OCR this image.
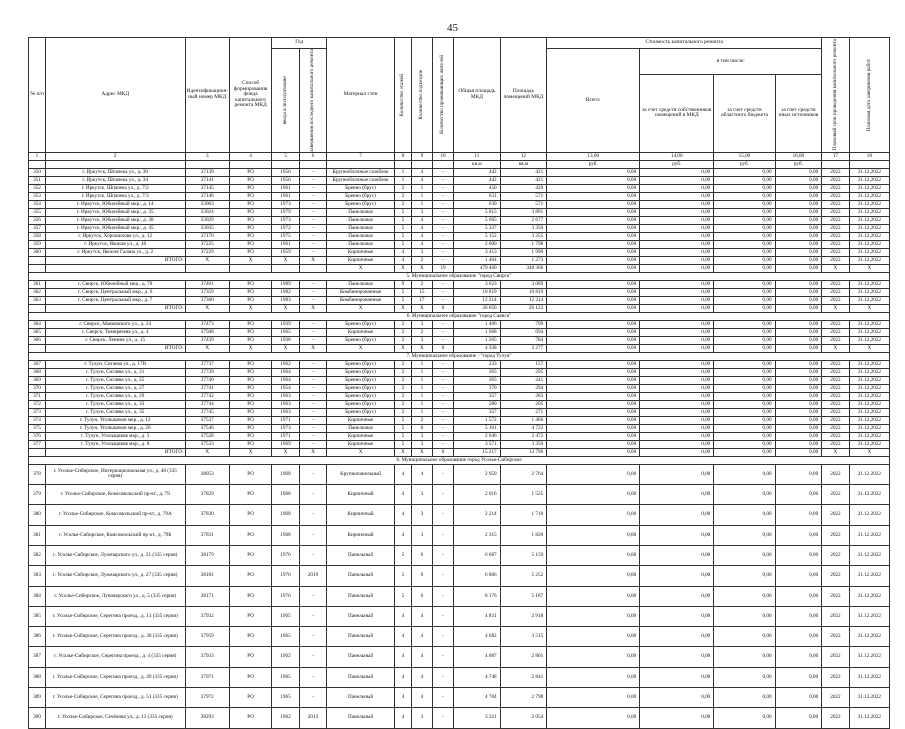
45
№ п/п	Адрес МКД	Идентификационный номер МКД	Способ формирования фонда капитального ремонта МКД	Год		Материал стен	Количество этажей	Количество подъездов	Количество проживающих жителей	Общая площадь МКД	Площадь помещений МКД	Стоимость капитального ремонта				Плановый срок проведения капитального ремонта	Плановая дата завершения работ

				ввода в эксплуатацию	завершения последнего капитального ремонта							Всего:	в том числе:				
													за счет средств собственников помещений в МКД	за счет средств областного бюджета	за счет средств иных источников		
1	2	3	4	5	6	7	8	9	10	11	12	13,00	14,00	15,00	16,00	17	18
										кв.м	кв.м	руб.	руб.	руб.	руб.		
350	г. Иркутск, Шпачека ул., д. 30	37139	РО	1950	-	Крупноблочные газоблок	1	4	-	442	421	0,00	0,00	0,00	0,00	2022	31.12.2022
351	г. Иркутск, Шпачека ул., д. 34	37141	РО	1950	-	Крупноблочные газоблок	1	4	-	442	421	0,00	0,00	0,00	0,00	2022	31.12.2022
352	г. Иркутск, Шпачека ул., д. 7/2	37145	РО	1961	-	Бревно (брус)	2	1	-	450	429	0,00	0,00	0,00	0,00	2022	31.12.2022
353	г. Иркутск, Шпачека ул., д. 7/3	37146	РО	1961	-	Бревно (брус)	2	1	-	631	571	0,00	0,00	0,00	0,00	2022	31.12.2022
354	г. Иркутск, Юбилейный мкр., д. 14	33003	РО	1973	-	Бревно (брус)	2	1	-	630	571	0,00	0,00	0,00	0,00	2022	31.12.2022
355	г. Иркутск, Юбилейный мкр., д. 35	33024	РО	1979	-	Панельные	5	3	-	5 815	3 891	0,00	0,00	0,00	0,00	2022	31.12.2022
356	г. Иркутск, Юбилейный мкр., д. 38	33029	РО	1973	-	Панельные	5	4	-	5 665	2 677	0,00	0,00	0,00	0,00	2022	31.12.2022
357	г. Иркутск, Юбилейный мкр., д. 45	33035	РО	1972	-	Панельные	5	4	-	5 337	3 350	0,00	0,00	0,00	0,00	2022	31.12.2022
358	г. Иркутск, Хорошилова ул., д. 12	37170	РО	1975	-	Панельные	5	4	-	5 152	3 255	0,00	0,00	0,00	0,00	2022	31.12.2022
359	г. Иркутск, Якоиля ул., д. 40	37225	РО	1961	-	Панельные	5	4	-	2 000	1 798	0,00	0,00	0,00	0,00	2022	31.12.2022
360	г. Иркутск, Якоиля Галана ул., д. 2	37229	РО	1959	-	Кирпичные	4	3	-	3 413	1 990	0,00	0,00	0,00	0,00	2022	31.12.2022
	ИТОГО:	Х	Х	Х	Х	Кирпичные	4	2	-	1 464	1 273	0,00	0,00	0,00	0,00	2022	31.12.2022
						Х	Х	Х	19	479 460	348 366	0,00	0,00	0,00	0,00	Х	Х
5. Муниципальное образование "город Свирск"																	
361	г. Свирск, Юбилейный мкр., д. 70	37401	РО	1989	-	Панельные	9	2	-	3 623	3 089	0,00	0,00	0,00	0,00	2022	31.12.2022
362	г. Свирск, Центральный мкр., д. 6	37359	РО	1982	-	Комбинированные	5	15	-	10 819	10 819	0,00	0,00	0,00	0,00	2022	31.12.2022
363	г. Свирск, Центральный мкр., д. 7	37360	РО	1983	-	Комбинированные	5	17	-	12 214	12 214	0,00	0,00	0,00	0,00	2022	31.12.2022
	ИТОГО:	Х	Х	Х	Х	Х	Х	Х	0	26 656	26 122	0,00	0,00	0,00	0,00	Х	Х
6. Муниципальное образование "город Саянск"																	
364	г. Свирск, Маяковского ул., д. 24	37473	РО	1939	-	Бревно (брус)	2	3	-	1 406	799	0,00	0,00	0,00	0,00	2022	31.12.2022
365	г. Свирск, Тимирязева ул., д. 4	37508	РО	1965	-	Кирпичные	2	2	-	1 668	694	0,00	0,00	0,00	0,00	2022	31.12.2022
366	г. Свирск, Ленина ул., д. 15	37439	РО	1938	-	Бревно (брус)	2	3	-	1 265	784	0,00	0,00	0,00	0,00	2022	31.12.2022
	ИТОГО:	Х	Х	Х	Х	Х	Х	Х	0	4 338	2 277	0,00	0,00	0,00	0,00	Х	Х
7. Муниципальное образование - "город Тулун"																	
367	г. Тулун, Сигаева ул., д. 17В	37737	РО	1962	-	Бревно (брус)	2	1	-	233	157	0,00	0,00	0,00	0,00	2022	31.12.2022
368	г. Тулун, Сигаева ул., д. 21	37739	РО	1964	-	Бревно (брус)	2	1	-	365	295	0,00	0,00	0,00	0,00	2022	31.12.2022
369	г. Тулун, Сигаева ул., д. 25	37740	РО	1964	-	Бревно (брус)	2	1	-	365	241	0,00	0,00	0,00	0,00	2022	31.12.2022
370	г. Тулун, Сигаева ул., д. 27	37741	РО	1954	-	Бревно (брус)	2	1	-	370	294	0,00	0,00	0,00	0,00	2022	31.12.2022
371	г. Тулун, Сигаева ул., д. 29	37742	РО	1963	-	Бревно (брус)	2	1	-	357	283	0,00	0,00	0,00	0,00	2022	31.12.2022
372	г. Тулун, Сигаева ул., д. 33	37744	РО	1963	-	Бревно (брус)	2	1	-	280	205	0,00	0,00	0,00	0,00	2022	31.12.2022
373	г. Тулун, Сигаева ул., д. 35	37745	РО	1963	-	Бревно (брус)	2	1	-	357	271	0,00	0,00	0,00	0,00	2022	31.12.2022
374	г. Тулун, Угольщиков мкр., д. 12	37537	РО	1971	-	Кирпичные	5	2	-	1 572	1 466	0,00	0,00	0,00	0,00	2022	31.12.2022
375	г. Тулун, Угольщиков мкр., д. 20	37546	РО	1973	-	Панельные	5	6	-	5 101	4 722	0,00	0,00	0,00	0,00	2022	31.12.2022
376	г. Тулун, Угольщиков мкр., д. 3	37528	РО	1971	-	Кирпичные	5	3	-	2 646	2 472	0,00	0,00	0,00	0,00	2022	31.12.2022
377	г. Тулун, Угольщиков мкр., д. 8	37533	РО	1969	-	Кирпичные	5	3	-	3 571	3 350	0,00	0,00	0,00	0,00	2022	31.12.2022
	ИТОГО:	Х	Х	Х	Х	Х	Х	Х	0	15 217	13 796	0,00	0,00	0,00	0,00	Х	Х
8. Муниципальное образование город Усолье-Сибирское																	
378	г. Усолье-Сибирское, Интернациональная ул., д. 48 (335 серия)	38053	РО	1968	-	Крупнопанельный	4	4	-	2 950	2 764	0,00	0,00	0,00	0,00	2022	31.12.2022
379	г. Усолье-Сибирское, Комсомольский пр-кт., д. 79	37829	РО	1968	-	Кирпичный	4	3	-	2 016	1 525	0,00	0,00	0,00	0,00	2022	31.12.2022
380	г. Усолье-Сибирское, Комсомольский пр-кт., д. 79А	37830	РО	1968	-	Кирпичный	4	3	-	2 214	1 710	0,00	0,00	0,00	0,00	2022	31.12.2022
381	г. Усолье-Сибирское, Комсомольский пр-кт., д. 79Б	37831	РО	1968	-	Кирпичный	4	3	-	2 315	1 820	0,00	0,00	0,00	0,00	2022	31.12.2022
382	г. Усолье-Сибирское, Луначарского ул., д. 21 (335 серия)	38179	РО	1970	-	Панельный	5	6	-	6 687	5 159	0,00	0,00	0,00	0,00	2022	31.12.2022
383	г. Усолье-Сибирское, Луначарского ул., д. 27 (335 серия)	38181	РО	1970	2019	Панельный	5	6	-	6 866	5 252	0,00	0,00	0,00	0,00	2022	31.12.2022
384	г. Усолье-Сибирское, Луначарского ул., д. 5 (335 серия)	38171	РО	1970	-	Панельный	5	6	-	8 176	5 187	0,00	0,00	0,00	0,00	2022	31.12.2022
385	г. Усолье-Сибирское, Серегина проезд., д. 13 (335 серия)	37932	РО	1965	-	Панельный	4	4	-	4 831	2 918	0,00	0,00	0,00	0,00	2022	31.12.2022
386	г. Усолье-Сибирское, Серегина проезд., д. 30 (335 серия)	37959	РО	1965	-	Панельный	4	4	-	4 682	3 515	0,00	0,00	0,00	0,00	2022	31.12.2022
387	г. Усолье-Сибирское, Серегина проезд., д. 4 (335 серия)	37933	РО	1962	-	Панельный	4	4	-	4 687	2 801	0,00	0,00	0,00	0,00	2022	31.12.2022
388	г. Усолье-Сибирское, Серегина проезд., д. 49 (335 серия)	37971	РО	1965	-	Панельный	4	4	-	4 748	2 841	0,00	0,00	0,00	0,00	2022	31.12.2022
389	г. Усолье-Сибирское, Серегина проезд., д. 51 (335 серия)	37972	РО	1965	-	Панельный	4	4	-	4 704	2 798	0,00	0,00	0,00	0,00	2022	31.12.2022
390	г. Усолье-Сибирское, Сечёнова ул., д. 13 (335 серия)	38293	РО	1962	2013	Панельный	4	3	-	3 321	2 054	0,00	0,00	0,00	0,00	2022	31.12.2022
